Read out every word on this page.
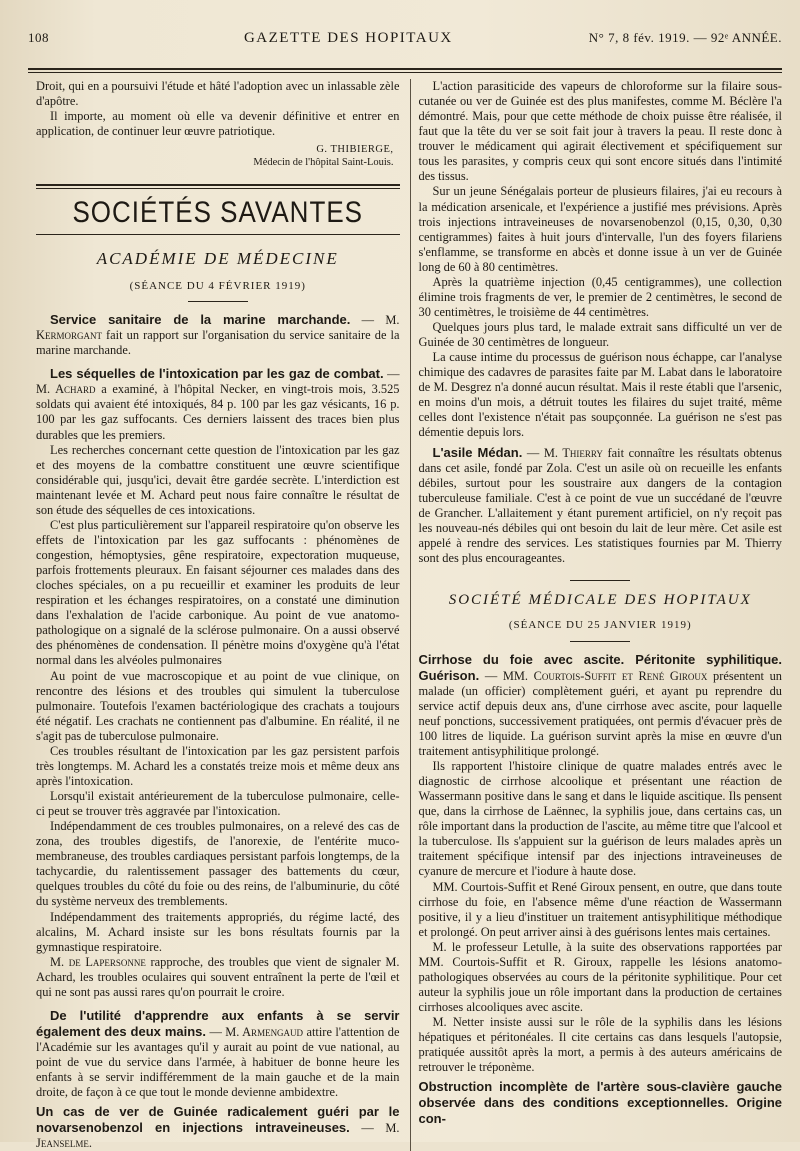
108	GAZETTE DES HOPITAUX	N° 7, 8 fév. 1919. — 92ᵉ ANNÉE.

Droit, qui en a poursuivi l'étude et hâté l'adoption avec un inlassable zèle d'apôtre.

Il importe, au moment où elle va devenir définitive et entrer en application, de continuer leur œuvre patriotique.

G. THIBIERGE,
Médecin de l'hôpital Saint-Louis.
SOCIÉTÉS SAVANTES
ACADÉMIE DE MÉDECINE
(SÉANCE DU 4 FÉVRIER 1919)

Service sanitaire de la marine marchande. — M. Kermorgant fait un rapport sur l'organisation du service sanitaire de la marine marchande.

Les séquelles de l'intoxication par les gaz de combat. — M. Achard a examiné, à l'hôpital Necker, en vingt-trois mois, 3.525 soldats qui avaient été intoxiqués, 84 p. 100 par les gaz vésicants, 16 p. 100 par les gaz suffocants. Ces derniers laissent des traces bien plus durables que les premiers.

Les recherches concernant cette question de l'intoxication par les gaz et des moyens de la combattre constituent une œuvre scientifique considérable qui, jusqu'ici, devait être gardée secrète. L'interdiction est maintenant levée et M. Achard peut nous faire connaître le résultat de son étude des séquelles de ces intoxications.

C'est plus particulièrement sur l'appareil respiratoire qu'on observe les effets de l'intoxication par les gaz suffocants : phénomènes de congestion, hémoptysies, gêne respiratoire, expectoration muqueuse, parfois frottements pleuraux. En faisant séjourner ces malades dans des cloches spéciales, on a pu recueillir et examiner les produits de leur respiration et les échanges respiratoires, on a constaté une diminution dans l'exhalation de l'acide carbonique. Au point de vue anatomo-pathologique on a signalé de la sclérose pulmonaire. On a aussi observé des phénomènes de condensation. Il pénètre moins d'oxygène qu'à l'état normal dans les alvéoles pulmonaires

Au point de vue macroscopique et au point de vue clinique, on rencontre des lésions et des troubles qui simulent la tuberculose pulmonaire. Toutefois l'examen bactériologique des crachats a toujours été négatif. Les crachats ne contiennent pas d'albumine. En réalité, il ne s'agit pas de tuberculose pulmonaire.

Ces troubles résultant de l'intoxication par les gaz persistent parfois très longtemps. M. Achard les a constatés treize mois et même deux ans après l'intoxication.

Lorsqu'il existait antérieurement de la tuberculose pulmonaire, celle-ci peut se trouver très aggravée par l'intoxication.

Indépendamment de ces troubles pulmonaires, on a relevé des cas de zona, des troubles digestifs, de l'anorexie, de l'entérite muco-membraneuse, des troubles cardiaques persistant parfois longtemps, de la tachycardie, du ralentissement passager des battements du cœur, quelques troubles du côté du foie ou des reins, de l'albuminurie, du côté du système nerveux des tremblements.

Indépendamment des traitements appropriés, du régime lacté, des alcalins, M. Achard insiste sur les bons résultats fournis par la gymnastique respiratoire.

M. de Lapersonne rapproche, des troubles que vient de signaler M. Achard, les troubles oculaires qui souvent entraînent la perte de l'œil et qui ne sont pas aussi rares qu'on pourrait le croire.

De l'utilité d'apprendre aux enfants à se servir également des deux mains. — M. Armengaud attire l'attention de l'Académie sur les avantages qu'il y aurait au point de vue national, au point de vue du service dans l'armée, à habituer de bonne heure les enfants à se servir indifféremment de la main gauche et de la main droite, de façon à ce que tout le monde devienne ambidextre.

Un cas de ver de Guinée radicalement guéri par le novarsenobenzol en injections intraveineuses. — M. Jeanselme.

L'action parasiticide des vapeurs de chloroforme sur la filaire sous-cutanée ou ver de Guinée est des plus manifestes, comme M. Béclère l'a démontré. Mais, pour que cette méthode de choix puisse être réalisée, il faut que la tête du ver se soit fait jour à travers la peau. Il reste donc à trouver le médicament qui agirait électivement et spécifiquement sur tous les parasites, y compris ceux qui sont encore situés dans l'intimité des tissus.

Sur un jeune Sénégalais porteur de plusieurs filaires, j'ai eu recours à la médication arsenicale, et l'expérience a justifié mes prévisions. Après trois injections intraveineuses de novarsenobenzol (0,15, 0,30, 0,30 centigrammes) faites à huit jours d'intervalle, l'un des foyers filariens s'enflamme, se transforme en abcès et donne issue à un ver de Guinée long de 60 à 80 centimètres.

Après la quatrième injection (0,45 centigrammes), une collection élimine trois fragments de ver, le premier de 2 centimètres, le second de 30 centimètres, le troisième de 44 centimètres.

Quelques jours plus tard, le malade extrait sans difficulté un ver de Guinée de 30 centimètres de longueur.

La cause intime du processus de guérison nous échappe, car l'analyse chimique des cadavres de parasites faite par M. Labat dans le laboratoire de M. Desgrez n'a donné aucun résultat. Mais il reste établi que l'arsenic, en moins d'un mois, a détruit toutes les filaires du sujet traité, même celles dont l'existence n'était pas soupçonnée. La guérison ne s'est pas démentie depuis lors.

L'asile Médan. — M. Thierry fait connaître les résultats obtenus dans cet asile, fondé par Zola. C'est un asile où on recueille les enfants débiles, surtout pour les soustraire aux dangers de la contagion tuberculeuse familiale. C'est à ce point de vue un succédané de l'œuvre de Grancher. L'allaitement y étant purement artificiel, on n'y reçoit pas les nouveau-nés débiles qui ont besoin du lait de leur mère. Cet asile est appelé à rendre des services. Les statistiques fournies par M. Thierry sont des plus encourageantes.

SOCIÉTÉ MÉDICALE DES HOPITAUX
(SÉANCE DU 25 JANVIER 1919)

Cirrhose du foie avec ascite. Péritonite syphilitique. Guérison. — MM. Courtois-Suffit et René Giroux présentent un malade (un officier) complètement guéri, et ayant pu reprendre du service actif depuis deux ans, d'une cirrhose avec ascite, pour laquelle neuf ponctions, successivement pratiquées, ont permis d'évacuer près de 100 litres de liquide. La guérison survint après la mise en œuvre d'un traitement antisyphilitique prolongé.

Ils rapportent l'histoire clinique de quatre malades entrés avec le diagnostic de cirrhose alcoolique et présentant une réaction de Wassermann positive dans le sang et dans le liquide ascitique. Ils pensent que, dans la cirrhose de Laënnec, la syphilis joue, dans certains cas, un rôle important dans la production de l'ascite, au même titre que l'alcool et la tuberculose. Ils s'appuient sur la guérison de leurs malades après un traitement spécifique intensif par des injections intraveineuses de cyanure de mercure et l'iodure à haute dose.

MM. Courtois-Suffit et René Giroux pensent, en outre, que dans toute cirrhose du foie, en l'absence même d'une réaction de Wassermann positive, il y a lieu d'instituer un traitement antisyphilitique méthodique et prolongé. On peut arriver ainsi à des guérisons lentes mais certaines.

M. le professeur Letulle, à la suite des observations rapportées par MM. Courtois-Suffit et R. Giroux, rappelle les lésions anatomo-pathologiques observées au cours de la péritonite syphilitique. Pour cet auteur la syphilis joue un rôle important dans la production de certaines cirrhoses alcooliques avec ascite.

M. Netter insiste aussi sur le rôle de la syphilis dans les lésions hépatiques et péritonéales. Il cite certains cas dans lesquels l'autopsie, pratiquée aussitôt après la mort, a permis à des auteurs américains de retrouver le tréponème.

Obstruction incomplète de l'artère sous-clavière gauche observée dans des conditions exceptionnelles. Origine con-
